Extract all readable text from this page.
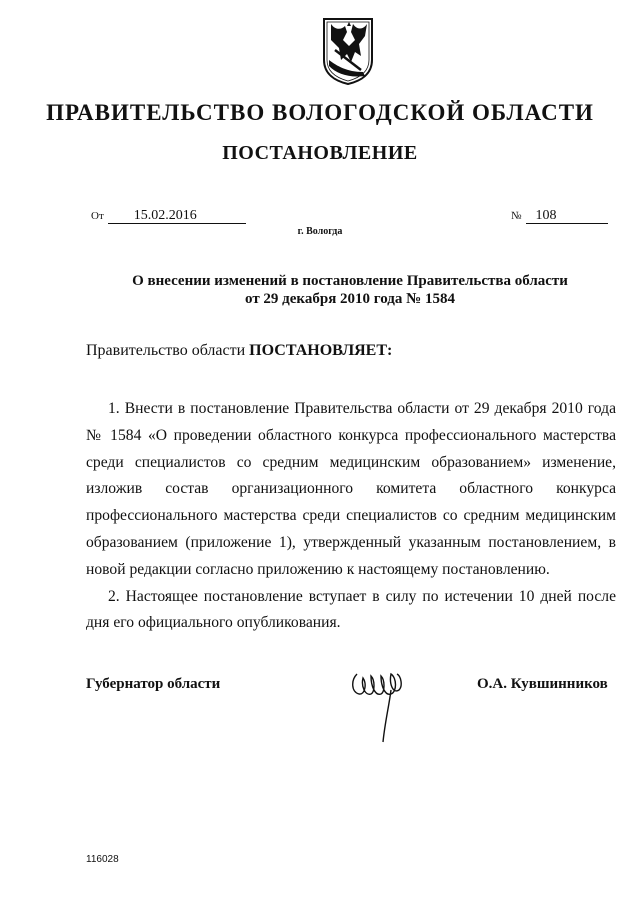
ПРАВИТЕЛЬСТВО ВОЛОГОДСКОЙ ОБЛАСТИ
ПОСТАНОВЛЕНИЕ
От 15.02.2016	№ 108
г. Вологда
О внесении изменений в постановление Правительства области
от 29 декабря 2010 года № 1584
Правительство области ПОСТАНОВЛЯЕТ:

1. Внести в постановление Правительства области от 29 декабря 2010 года № 1584 «О проведении областного конкурса профессионального мастерства среди специалистов со средним медицинским образованием» изменение, изложив состав организационного комитета областного конкурса профессионального мастерства среди специалистов со средним медицинским образованием (приложение 1), утвержденный указанным постановлением, в новой редакции согласно приложению к настоящему постановлению.

2. Настоящее постановление вступает в силу по истечении 10 дней после дня его официального опубликования.

Губернатор области	О.А. Кувшинников
116028
